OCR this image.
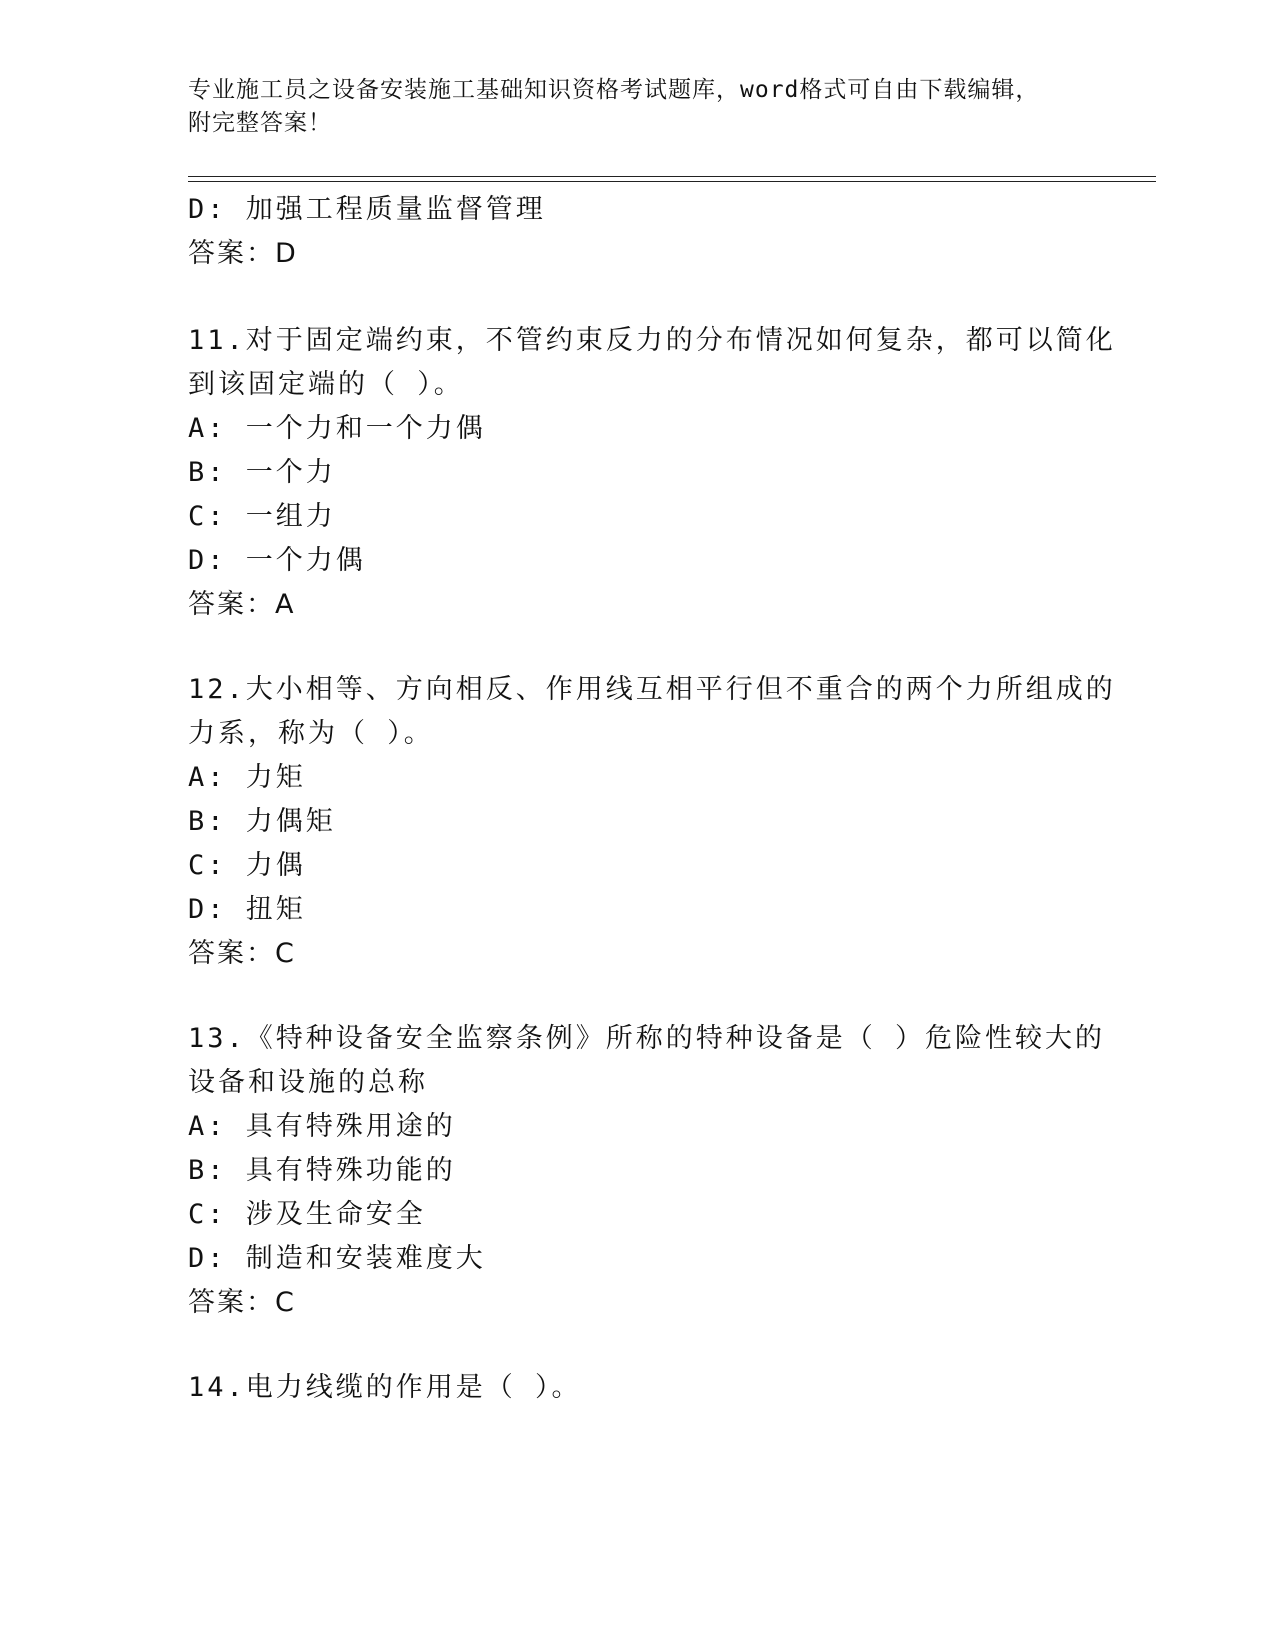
专业施工员之设备安装施工基础知识资格考试题库，word格式可自由下载编辑，
附完整答案！
D: 加强工程质量监督管理
答案：D
11.对于固定端约束，不管约束反力的分布情况如何复杂，都可以简化
到该固定端的（ ）。
A: 一个力和一个力偶
B: 一个力
C: 一组力
D: 一个力偶
答案：A
12.大小相等、方向相反、作用线互相平行但不重合的两个力所组成的
力系，称为（ ）。
A: 力矩
B: 力偶矩
C: 力偶
D: 扭矩
答案：C
13.《特种设备安全监察条例》所称的特种设备是（ ）危险性较大的
设备和设施的总称
A: 具有特殊用途的
B: 具有特殊功能的
C: 涉及生命安全
D: 制造和安装难度大
答案：C
14.电力线缆的作用是（ ）。
